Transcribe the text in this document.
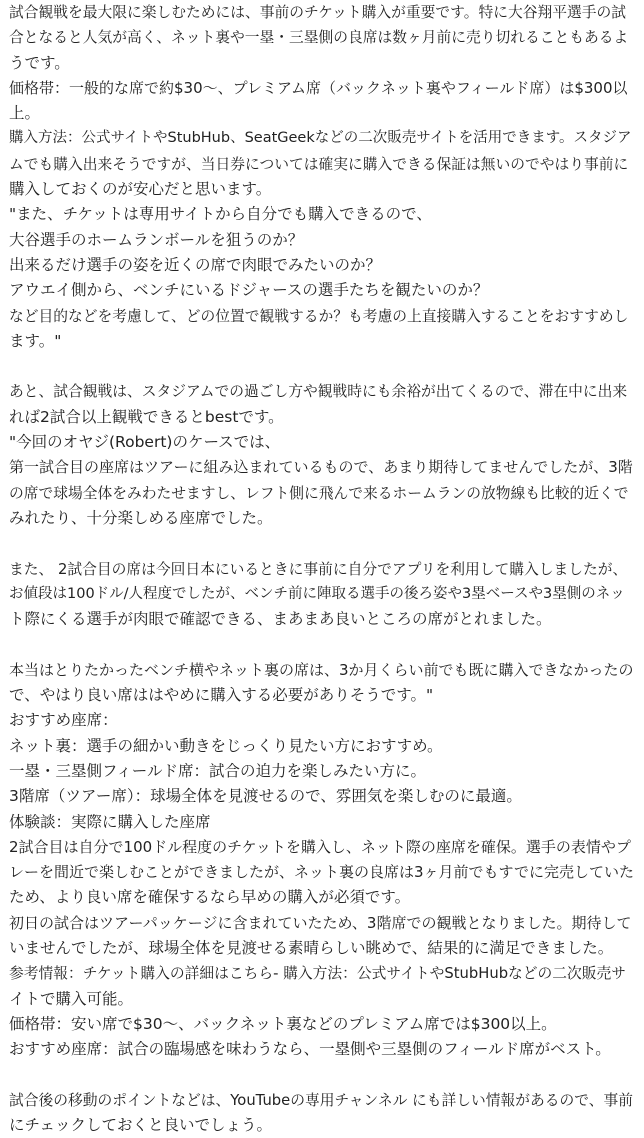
試合観戦を最大限に楽しむためには、事前のチケット購入が重要です。特に大谷翔平選手の試
合となると人気が高く、ネット裏や一塁・三塁側の良席は数ヶ月前に売り切れることもあるよ
うです。
価格帯：一般的な席で約$30〜、プレミアム席（バックネット裏やフィールド席）は$300以
上。
購入方法：公式サイトやStubHub、SeatGeekなどの二次販売サイトを活用できます。スタジア
ムでも購入出来そうですが、当日券については確実に購入できる保証は無いのでやはり事前に
購入しておくのが安心だと思います。
"また、チケットは専用サイトから自分でも購入できるので、
大谷選手のホームランボールを狙うのか？
出来るだけ選手の姿を近くの席で肉眼でみたいのか？
アウエイ側から、ベンチにいるドジャースの選手たちを観たいのか？
など目的などを考慮して、どの位置で観戦するか？も考慮の上直接購入することをおすすめし
ます。"
あと、試合観戦は、スタジアムでの過ごし方や観戦時にも余裕が出てくるので、滞在中に出来
れば2試合以上観戦できるとbestです。
"今回のオヤジ(Robert)のケースでは、
第一試合目の座席はツアーに組み込まれているもので、あまり期待してませんでしたが、3階
の席で球場全体をみわたせますし、レフト側に飛んで来るホームランの放物線も比較的近くで
みれたり、十分楽しめる座席でした。
また、 2試合目の席は今回日本にいるときに事前に自分でアプリを利用して購入しましたが、
お値段は100ドル/人程度でしたが、ベンチ前に陣取る選手の後ろ姿や3塁ベースや3塁側のネッ
ト際にくる選手が肉眼で確認できる、まあまあ良いところの席がとれました。
本当はとりたかったベンチ横やネット裏の席は、3か月くらい前でも既に購入できなかったの
で、やはり良い席ははやめに購入する必要がありそうです。"
おすすめ座席：
ネット裏：選手の細かい動きをじっくり見たい方におすすめ。
一塁・三塁側フィールド席：試合の迫力を楽しみたい方に。
3階席（ツアー席）：球場全体を見渡せるので、雰囲気を楽しむのに最適。
体験談：実際に購入した座席
2試合目は自分で100ドル程度のチケットを購入し、ネット際の座席を確保。選手の表情やプ
レーを間近で楽しむことができましたが、ネット裏の良席は3ヶ月前でもすでに完売していた
ため、より良い席を確保するなら早めの購入が必須です。
初日の試合はツアーパッケージに含まれていたため、3階席での観戦となりました。期待して
いませんでしたが、球場全体を見渡せる素晴らしい眺めで、結果的に満足できました。
参考情報：チケット購入の詳細はこちら- 購入方法：公式サイトやStubHubなどの二次販売サ
イトで購入可能。
価格帯：安い席で$30〜、バックネット裏などのプレミアム席では$300以上。
おすすめ座席：試合の臨場感を味わうなら、一塁側や三塁側のフィールド席がベスト。
試合後の移動のポイントなどは、YouTubeの専用チャンネル にも詳しい情報があるので、事前
にチェックしておくと良いでしょう。
